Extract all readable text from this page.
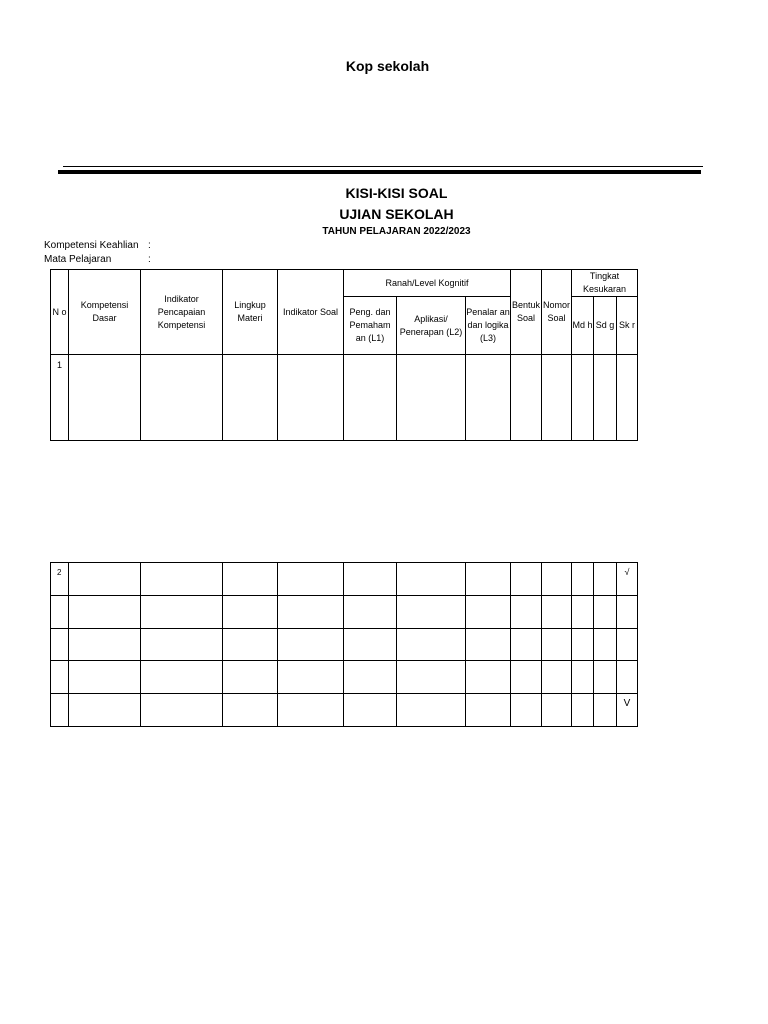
Kop sekolah
KISI-KISI SOAL
UJIAN SEKOLAH
TAHUN PELAJARAN 2022/2023
Kompetensi Keahlian :
Mata Pelajaran	:
N o	Kompetensi Dasar	Indikator Pencapaian Kompetensi	Lingkup Materi	Indikator Soal	Ranah/Level Kognitif			Bentuk Soal	Nomor Soal	Tingkat Kesukaran		
					Peng. dan Pemaham an (L1)	Aplikasi/ Penerapan (L2)	Penalar an dan logika (L3)			Md h	Sd g	Sk r
1												
2												√

												V
